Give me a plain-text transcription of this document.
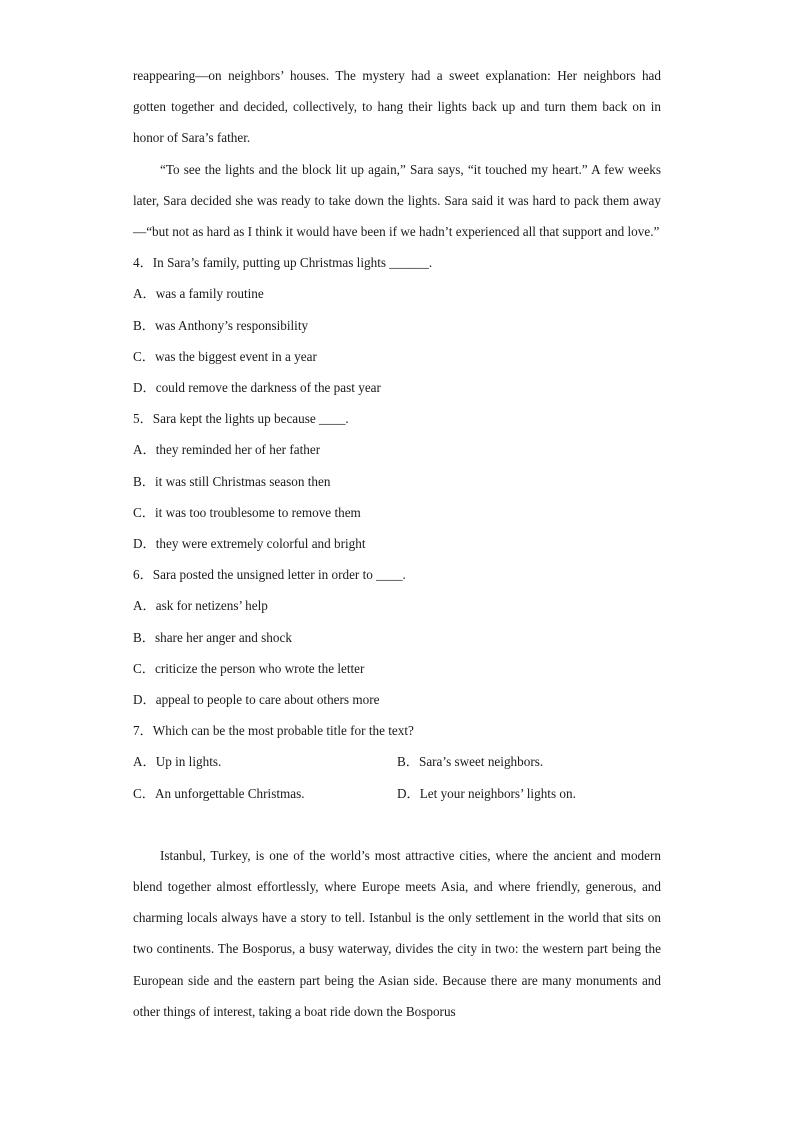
reappearing—on neighbors’ houses. The mystery had a sweet explanation: Her neighbors had gotten together and decided, collectively, to hang their lights back up and turn them back on in honor of Sara’s father.

“To see the lights and the block lit up again,” Sara says, “it touched my heart.” A few weeks later, Sara decided she was ready to take down the lights. Sara said it was hard to pack them away—“but not as hard as I think it would have been if we hadn’t experienced all that support and love.”

4．In Sara’s family, putting up Christmas lights ______.
A．was a family routine
B．was Anthony’s responsibility
C．was the biggest event in a year
D．could remove the darkness of the past year
5．Sara kept the lights up because ____.
A．they reminded her of her father
B．it was still Christmas season then
C．it was too troublesome to remove them
D．they were extremely colorful and bright
6．Sara posted the unsigned letter in order to ____.
A．ask for netizens’ help
B．share her anger and shock
C．criticize the person who wrote the letter
D．appeal to people to care about others more
7．Which can be the most probable title for the text?
A．Up in lights.	B．Sara’s sweet neighbors.
C．An unforgettable Christmas.	D．Let your neighbors’ lights on.

Istanbul, Turkey, is one of the world’s most attractive cities, where the ancient and modern blend together almost effortlessly, where Europe meets Asia, and where friendly, generous, and charming locals always have a story to tell. Istanbul is the only settlement in the world that sits on two continents. The Bosporus, a busy waterway, divides the city in two: the western part being the European side and the eastern part being the Asian side. Because there are many monuments and other things of interest, taking a boat ride down the Bosporus
